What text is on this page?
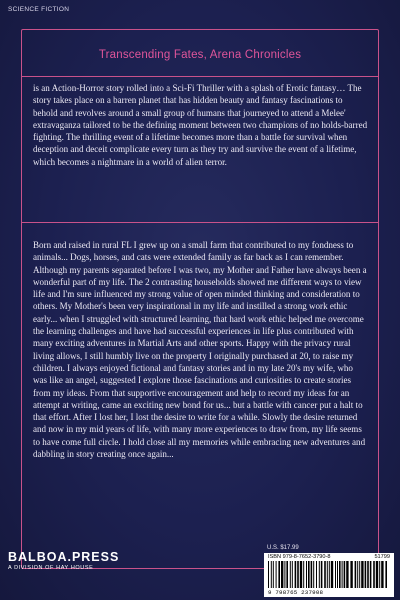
SCIENCE FICTION
Transcending Fates, Arena Chronicles

is an Action-Horror story rolled into a Sci-Fi Thriller with a splash of Erotic fantasy… The story takes place on a barren planet that has hidden beauty and fantasy fascinations to behold and revolves around a small group of humans that journeyed to attend a Melee' extravaganza tailored to be the defining moment between two champions of no holds-barred fighting. The thrilling event of a lifetime becomes more than a battle for survival when deception and deceit complicate every turn as they try and survive the event of a lifetime, which becomes a nightmare in a world of alien terror.

Born and raised in rural FL I grew up on a small farm that contributed to my fondness to animals... Dogs, horses, and cats were extended family as far back as I can remember. Although my parents separated before I was two, my Mother and Father have always been a wonderful part of my life. The 2 contrasting households showed me different ways to view life and I'm sure influenced my strong value of open minded thinking and consideration to others. My Mother's been very inspirational in my life and instilled a strong work ethic early... when I struggled with structured learning, that hard work ethic helped me overcome the learning challenges and have had successful experiences in life plus contributed with many exciting adventures in Martial Arts and other sports. Happy with the privacy rural living allows, I still humbly live on the property I originally purchased at 20, to raise my children. I always enjoyed fictional and fantasy stories and in my late 20's my wife, who was like an angel, suggested I explore those fascinations and curiosities to create stories from my ideas. From that supportive encouragement and help to record my ideas for an attempt at writing, came an exciting new bond for us... but a battle with cancer put a halt to that effort. After I lost her, I lost the desire to write for a while. Slowly the desire returned and now in my mid years of life, with many more experiences to draw from, my life seems to have come full circle. I hold close all my memories while embracing new adventures and dabbling in story creating once again...

U.S. $17.99
ISBN 979-8-7652-3790-8	51799
9 798765 237908
BALBOA.PRESS
A DIVISION OF HAY HOUSE
